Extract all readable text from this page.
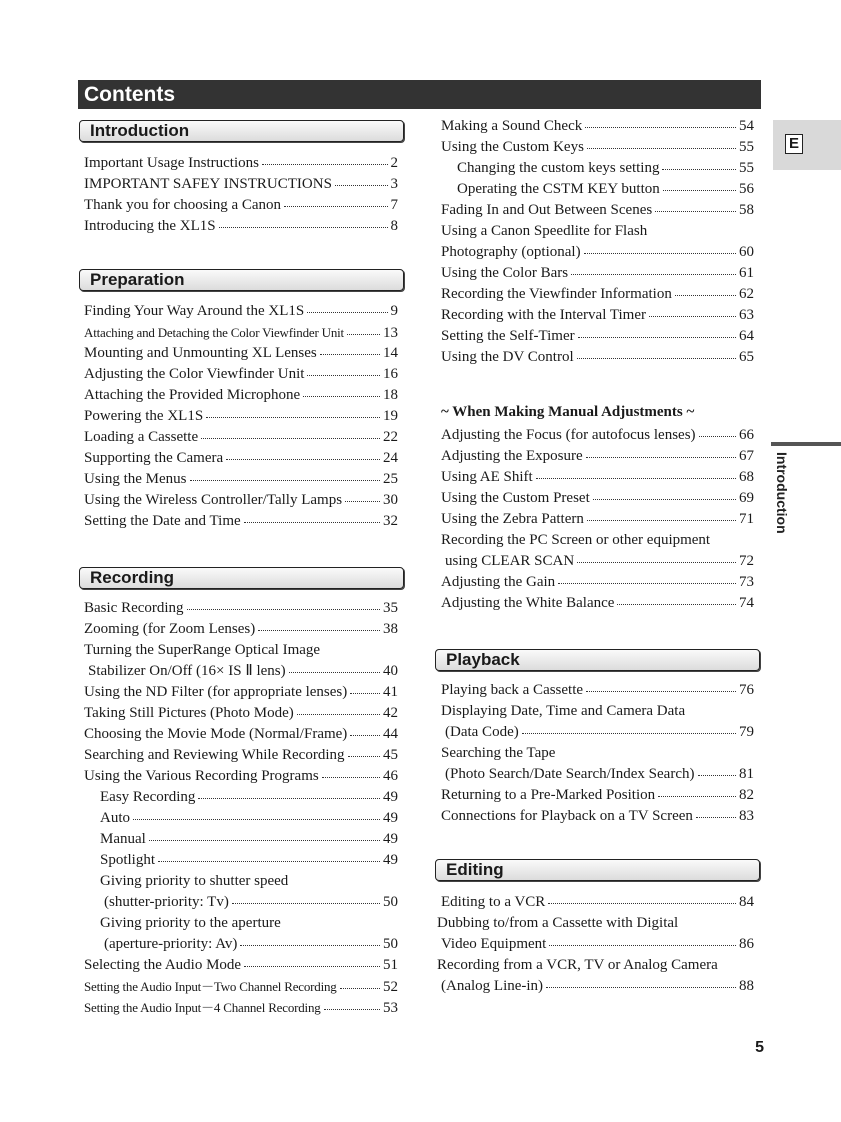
Contents
E
Introduction
Introduction
Preparation
Recording
Playback
Editing
~ When Making Manual Adjustments ~
5
Important Usage Instructions	2
IMPORTANT SAFEY INSTRUCTIONS	3
Thank you for choosing a Canon	7
Introducing the XL1S	8
Finding Your Way Around the XL1S	9
Attaching and Detaching the Color Viewfinder Unit	13
Mounting and Unmounting XL Lenses	14
Adjusting the Color Viewfinder Unit	16
Attaching the Provided Microphone	18
Powering the XL1S	19
Loading a Cassette	22
Supporting the Camera	24
Using the Menus	25
Using the Wireless Controller/Tally Lamps	30
Setting the Date and Time	32
Basic Recording	35
Zooming (for Zoom Lenses)	38
Turning the SuperRange Optical Image
Stabilizer On/Off (16× IS Ⅱ lens)	40
Using the ND Filter (for appropriate lenses) 41
Taking Still Pictures (Photo Mode)	42
Choosing the Movie Mode (Normal/Frame) 44
Searching and Reviewing While Recording	45
Using the Various Recording Programs	46
Easy Recording	49
Auto	49
Manual	49
Spotlight	49
Giving priority to shutter speed
(shutter-priority: Tv)	50
Giving priority to the aperture
(aperture-priority: Av)	50
Selecting the Audio Mode	51
Setting the Audio Input－Two Channel Recording	52
Setting the Audio Input－4 Channel Recording	53
Making a Sound Check	54
Using the Custom Keys	55
Changing the custom keys setting	55
Operating the CSTM KEY button	56
Fading In and Out Between Scenes	58
Using a Canon Speedlite for Flash
Photography (optional)	60
Using the Color Bars	61
Recording the Viewfinder Information	62
Recording with the Interval Timer	63
Setting the Self-Timer	64
Using the DV Control	65
Adjusting the Focus (for autofocus lenses)	66
Adjusting the Exposure	67
Using AE Shift	68
Using the Custom Preset	69
Using the Zebra Pattern	71
Recording the PC Screen or other equipment
using CLEAR SCAN	72
Adjusting the Gain	73
Adjusting the White Balance	74
Playing back a Cassette	76
Displaying Date, Time and Camera Data
(Data Code)	79
Searching the Tape
(Photo Search/Date Search/Index Search)	81
Returning to a Pre-Marked Position	82
Connections for Playback on a TV Screen	83
Editing to a VCR	84
Dubbing to/from a Cassette with Digital
Video Equipment	86
Recording from a VCR, TV or Analog Camera
(Analog Line-in)	88
